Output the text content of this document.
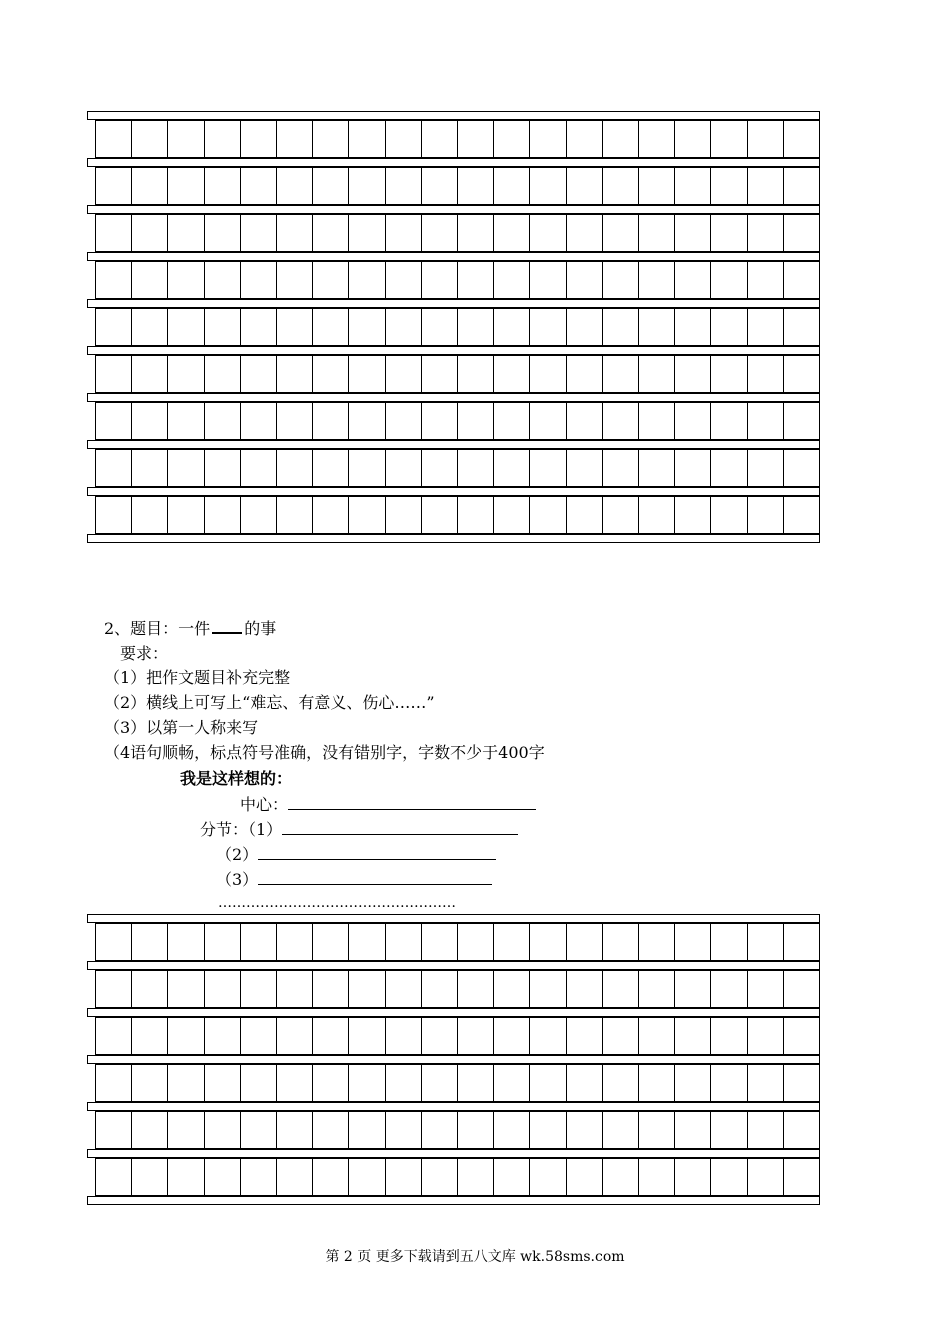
2、题目：一件 的事
要求：
（1）把作文题目补充完整
（2）横线上可写上“难忘、有意义、伤心……”
（3）以第一人称来写
（4语句顺畅，标点符号准确，没有错别字，字数不少于400字
我是这样想的：
中心：
分节：（1）
（2）
（3）
……………………………………………
第 2 页 更多下载请到五八文库 wk.58sms.com
